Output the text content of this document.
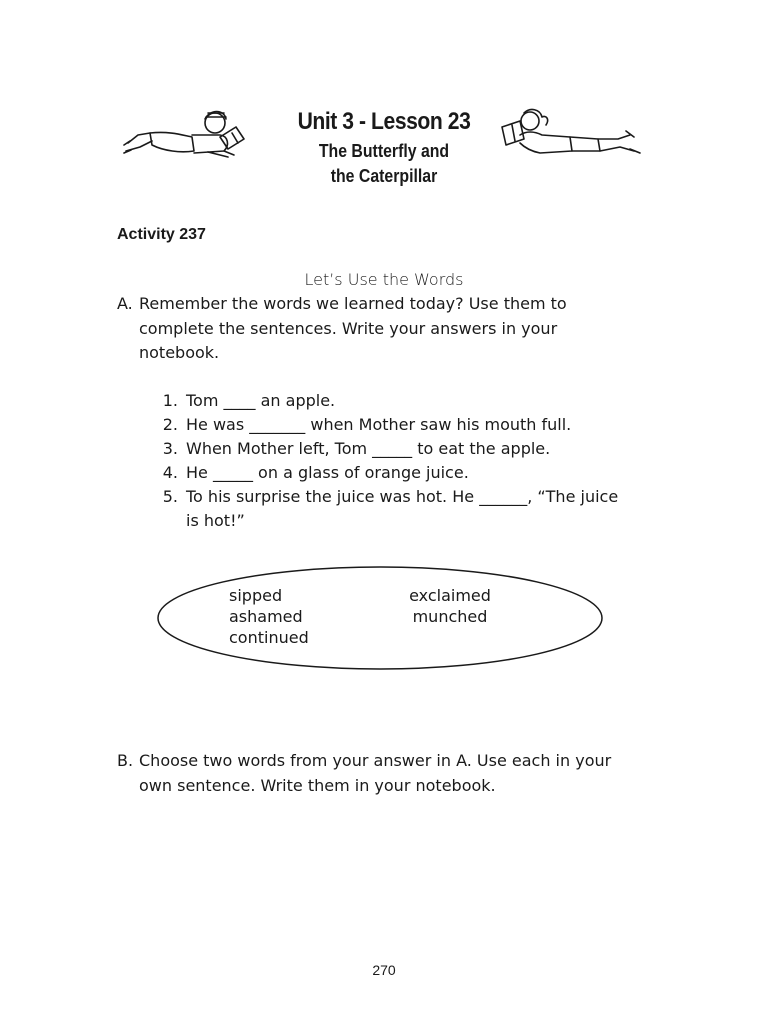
Unit 3 - Lesson 23
The Butterfly and
the Caterpillar
Activity 237
Let’s Use the Words
A. Remember the words we learned today? Use them to
complete the sentences. Write your answers in your
notebook.
1. Tom ____ an apple.
2. He was _______ when Mother saw his mouth full.
3. When Mother left, Tom _____ to eat the apple.
4. He _____ on a glass of orange juice.
5. To his surprise the juice was hot. He ______, “The juice
is hot!”
sipped
ashamed
continued
exclaimed
munched
B. Choose two words from your answer in A. Use each in your
own sentence. Write them in your notebook.
270
